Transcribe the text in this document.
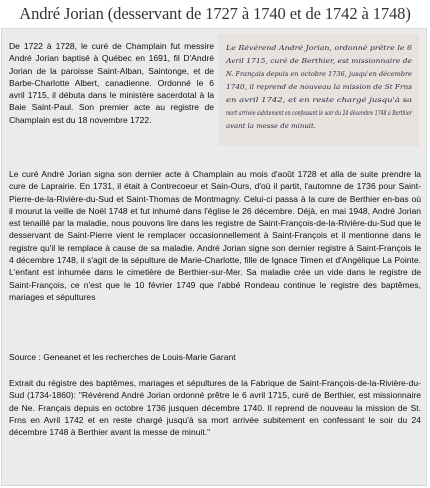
André Jorian (desservant de 1727 à 1740 et de 1742 à 1748)

De 1722 à 1728, le curé de Champlain fut messire André Jorian baptisé à Québec en 1691, fil D'André Jorian de la paroisse Saint-Alban, Saintonge, et de Barbe-Charlotte Albert, canadienne. Ordonné le 6 avril 1715, il débuta dans le ministère sacerdotal à la Baie Saint-Paul. Son premier acte au registre de Champlain est du 18 novembre 1722.

Le Révérend André Jorian, ordonné prêtre le 6
Avril 1715, curé de Berthier, est missionnaire de
N. Français depuis en octobre 1736, jusqu'en décembre
1740, il reprend de nouveau la mission de St Frns
en avril 1742, et en reste chargé jusqu'à sa
mort arrivée subitement en confessant le soir du 24 décembre 1748 à Berthier
avant la messe de minuit.

Le curé André Jorian signa son dernier acte à Champlain au mois d'août 1728 et alla de suite prendre la cure de Laprairie. En 1731, il était à Contrecoeur et Sain-Ours, d'où il partit, l'automne de 1736 pour Saint-Pierre-de-la-Rivière-du-Sud et Saint-Thomas de Montmagny. Celui-ci passa à la cure de Berthier en-bas où il mourut la veille de Noël 1748 et fut inhumé dans l'église le 26 décembre. Déjà, en mai 1948, André Jorian est tenaillé par la maladie, nous pouvons lire dans les registre de Saint-François-de-la-Rivière-du-Sud que le desservant de Saint-Pierre vient le remplacer occasionnellement à Saint-François et il mentionne dans le registre qu'il le remplace à cause de sa maladie. André Jorian signe son dernier registre à Saint-François le 4 décembre 1748, il s'agit de la sépulture de Marie-Charlotte, fille de Ignace Timen et d'Angélique La Pointe. L'enfant est inhumée dans le cimetière de Berthier-sur-Mer. Sa maladie crée un vide dans le registre de Saint-François, ce n'est que le 10 février 1749 que l'abbé Rondeau continue le registre des baptêmes, mariages et sépultures

Source : Geneanet et les recherches de Louis-Marie Garant

Extrait du régistre des baptêmes, mariages et sépultures de la Fabrique de Saint-François-de-la-Rivière-du-Sud (1734-1860): "Révérend André Jorian ordonné prêtre le 6 avril 1715, curé de Berthier, est missionnaire de Ne. Français depuis en octobre 1736 jusquen décembre 1740. Il reprend de nouveau la mission de St. Frns en Avril 1742 et en reste chargé jusqu'à sa mort arrivée subitement en confessant le soir du 24 décembre 1748 à Berthier avant la messe de minuit."
